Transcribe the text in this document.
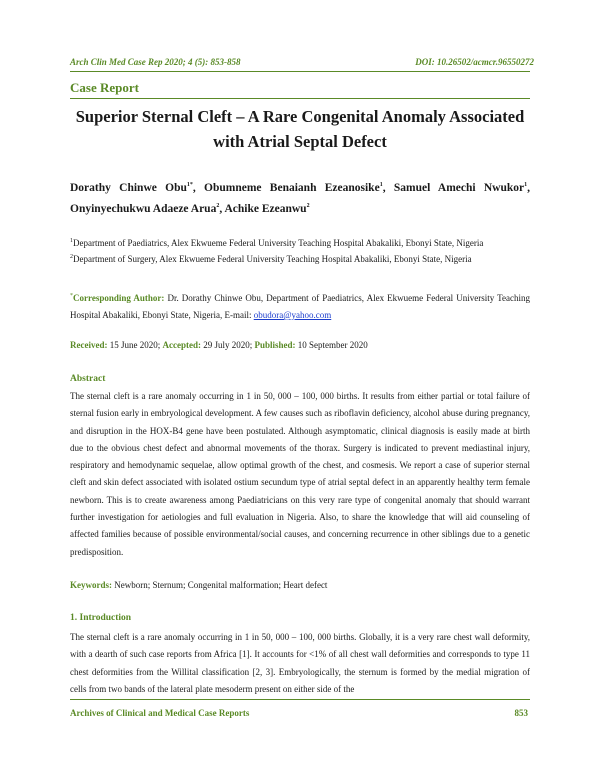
Arch Clin Med Case Rep 2020; 4 (5): 853-858	DOI: 10.26502/acmcr.96550272
Case Report
Superior Sternal Cleft – A Rare Congenital Anomaly Associated
with Atrial Septal Defect
Dorathy Chinwe Obu$^{1*}$, Obumneme Benaianh Ezeanosike$^1$, Samuel Amechi Nwukor$^1$, Onyinyechukwu Adaeze Arua$^2$, Achike Ezeanwu$^2$
$^1$Department of Paediatrics, Alex Ekwueme Federal University Teaching Hospital Abakaliki, Ebonyi State, Nigeria
$^2$Department of Surgery, Alex Ekwueme Federal University Teaching Hospital Abakaliki, Ebonyi State, Nigeria
*Corresponding Author: Dr. Dorathy Chinwe Obu, Department of Paediatrics, Alex Ekwueme Federal University Teaching Hospital Abakaliki, Ebonyi State, Nigeria, E-mail: obudora@yahoo.com
Received: 15 June 2020; Accepted: 29 July 2020; Published: 10 September 2020
Abstract

The sternal cleft is a rare anomaly occurring in 1 in 50, 000 – 100, 000 births. It results from either partial or total failure of sternal fusion early in embryological development. A few causes such as riboflavin deficiency, alcohol abuse during pregnancy, and disruption in the HOX-B4 gene have been postulated. Although asymptomatic, clinical diagnosis is easily made at birth due to the obvious chest defect and abnormal movements of the thorax. Surgery is indicated to prevent mediastinal injury, respiratory and hemodynamic sequelae, allow optimal growth of the chest, and cosmesis. We report a case of superior sternal cleft and skin defect associated with isolated ostium secundum type of atrial septal defect in an apparently healthy term female newborn. This is to create awareness among Paediatricians on this very rare type of congenital anomaly that should warrant further investigation for aetiologies and full evaluation in Nigeria. Also, to share the knowledge that will aid counseling of affected families because of possible environmental/social causes, and concerning recurrence in other siblings due to a genetic predisposition.

Keywords: Newborn; Sternum; Congenital malformation; Heart defect
1. Introduction

The sternal cleft is a rare anomaly occurring in 1 in 50, 000 – 100, 000 births. Globally, it is a very rare chest wall deformity, with a dearth of such case reports from Africa [1]. It accounts for <1% of all chest wall deformities and corresponds to type 11 chest deformities from the Willital classification [2, 3]. Embryologically, the sternum is formed by the medial migration of cells from two bands of the lateral plate mesoderm present on either side of the

Archives of Clinical and Medical Case Reports	853
